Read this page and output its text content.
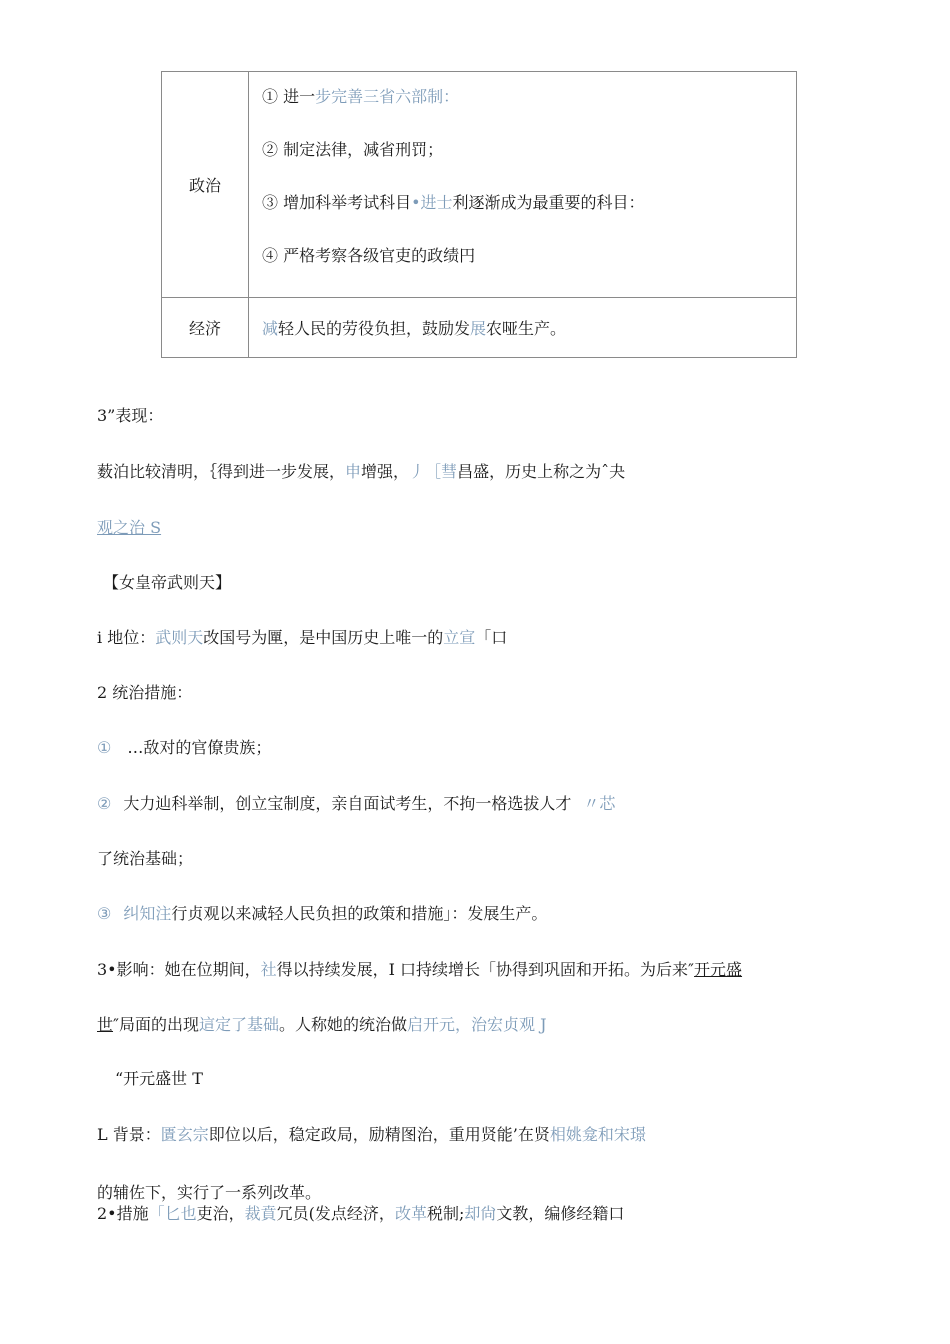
政治	① 进一步完善三省六部制：
② 制定法律，减省刑罚；
③ 增加科举考试科目•进士利逐渐成为最重要的科目：
④ 严格考察各级官吏的政绩円

经济	减轻人民的劳役负担，鼓励发展农哑生产。
3”表现：
薮泊比较清明，｛得到进一步发展，申增强，丿［彗昌盛，历史上称之为ˆ夬
观之治 S
【女皇帝武则天】
i 地位：武则天改国号为匰，是中国历史上唯一的立宣「口
2 统治措施：
① …敌对的官僚贵族；
② 大力辿科举制，创立宝制度，亲自面试考生，不拘一格选拔人才 〃芯
了统治基础；
③ 纠知注行贞观以来减轻人民负担的政策和措施」：发展生产。
3•影响：她在位期间，社得以持续发展，I 口持续增长「协得到巩固和开拓。为后来″开元盛
世″局面的出现這定了基础。人称她的统治做启开元，治宏贞观 J
“开元盛世 T
L 背景：匱玄宗即位以后，稳定政局，励精图治，重用贤能’在贤相姚龛和宋璟
的辅佐下，实行了一系列改革。
2•措施「匕也吏治，裁賁冗员(发点经济，改革税制;却尙文教，编修经籍口
